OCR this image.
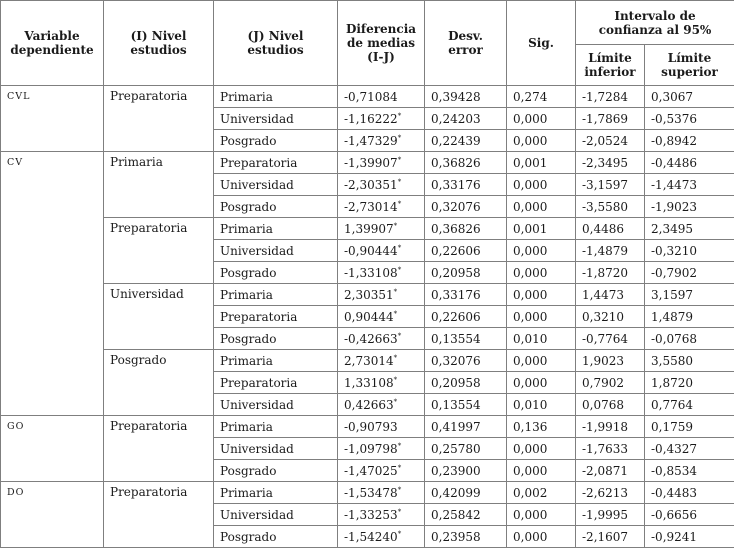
Variable dependiente	(I) Nivel estudios	(J) Nivel estudios	Diferencia de medias (I-J)	Desv. error	Sig.	Intervalo de confianza al 95%	
						Límite inferior	Límite superior
CVL	Preparatoria	Primaria	-0,71084	0,39428	0,274	-1,7284	0,3067
		Universidad	-1,16222*	0,24203	0,000	-1,7869	-0,5376
		Posgrado	-1,47329*	0,22439	0,000	-2,0524	-0,8942
CV	Primaria	Preparatoria	-1,39907*	0,36826	0,001	-2,3495	-0,4486
		Universidad	-2,30351*	0,33176	0,000	-3,1597	-1,4473
		Posgrado	-2,73014*	0,32076	0,000	-3,5580	-1,9023
	Preparatoria	Primaria	1,39907*	0,36826	0,001	0,4486	2,3495
		Universidad	-0,90444*	0,22606	0,000	-1,4879	-0,3210
		Posgrado	-1,33108*	0,20958	0,000	-1,8720	-0,7902
	Universidad	Primaria	2,30351*	0,33176	0,000	1,4473	3,1597
		Preparatoria	0,90444*	0,22606	0,000	0,3210	1,4879
		Posgrado	-0,42663*	0,13554	0,010	-0,7764	-0,0768
	Posgrado	Primaria	2,73014*	0,32076	0,000	1,9023	3,5580
		Preparatoria	1,33108*	0,20958	0,000	0,7902	1,8720
		Universidad	0,42663*	0,13554	0,010	0,0768	0,7764
GO	Preparatoria	Primaria	-0,90793	0,41997	0,136	-1,9918	0,1759
		Universidad	-1,09798*	0,25780	0,000	-1,7633	-0,4327
		Posgrado	-1,47025*	0,23900	0,000	-2,0871	-0,8534
DO	Preparatoria	Primaria	-1,53478*	0,42099	0,002	-2,6213	-0,4483
		Universidad	-1,33253*	0,25842	0,000	-1,9995	-0,6656
		Posgrado	-1,54240*	0,23958	0,000	-2,1607	-0,9241
